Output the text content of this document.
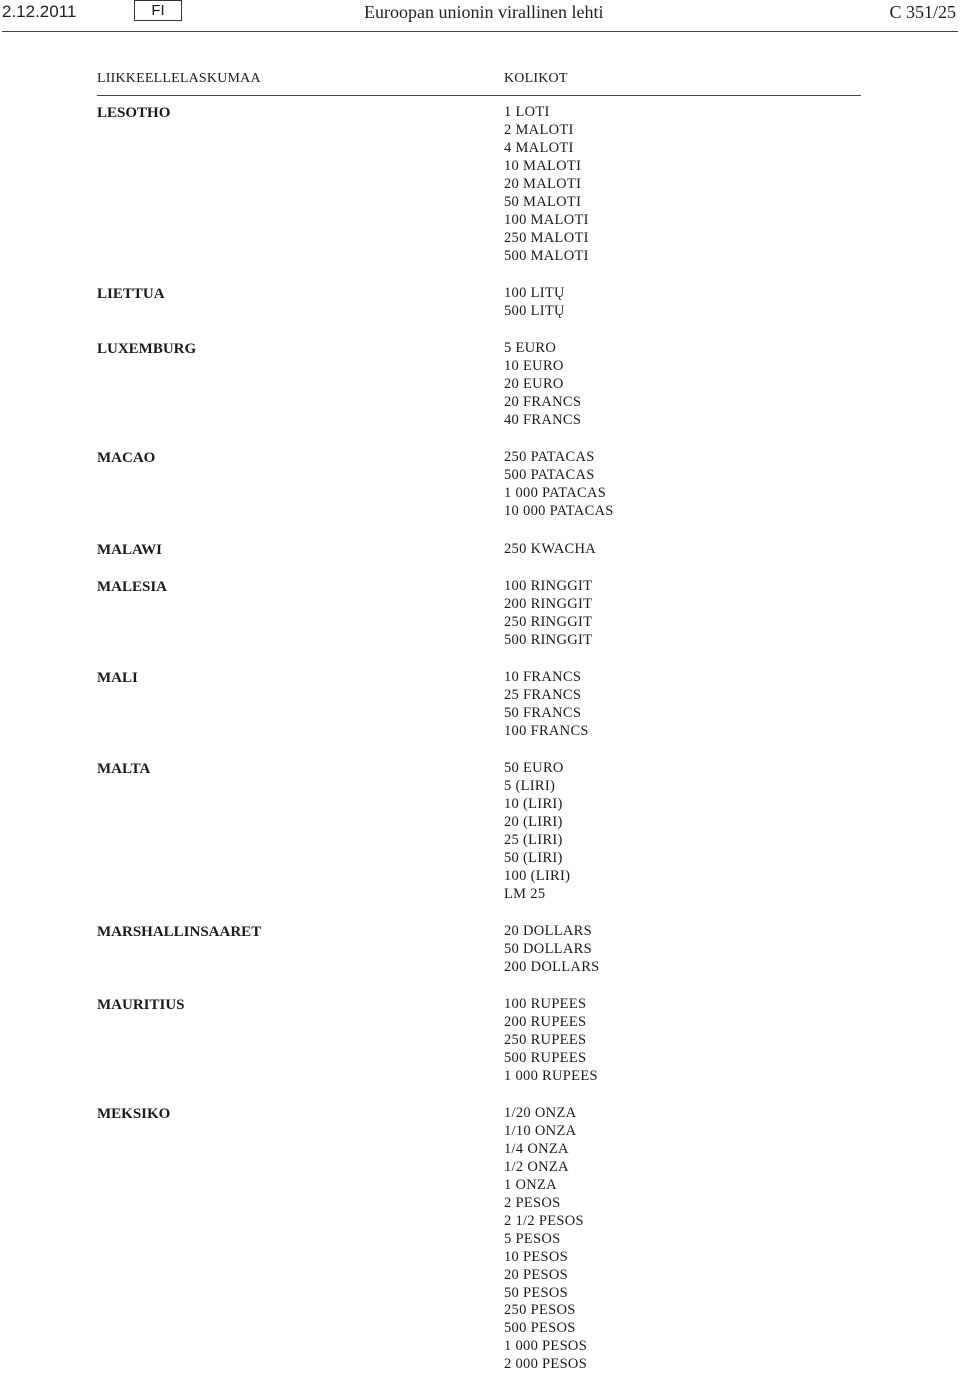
2.12.2011	FI	Euroopan unionin virallinen lehti	C 351/25
LIIKKEELLELASKUMAA	KOLIKOT
LESOTHO	1 LOTI
2 MALOTI
4 MALOTI
10 MALOTI
20 MALOTI
50 MALOTI
100 MALOTI
250 MALOTI
500 MALOTI
LIETTUA	100 LITŲ
500 LITŲ
LUXEMBURG	5 EURO
10 EURO
20 EURO
20 FRANCS
40 FRANCS
MACAO	250 PATACAS
500 PATACAS
1 000 PATACAS
10 000 PATACAS
MALAWI	250 KWACHA
MALESIA	100 RINGGIT
200 RINGGIT
250 RINGGIT
500 RINGGIT
MALI	10 FRANCS
25 FRANCS
50 FRANCS
100 FRANCS
MALTA	50 EURO
5 (LIRI)
10 (LIRI)
20 (LIRI)
25 (LIRI)
50 (LIRI)
100 (LIRI)
LM 25
MARSHALLINSAARET	20 DOLLARS
50 DOLLARS
200 DOLLARS
MAURITIUS	100 RUPEES
200 RUPEES
250 RUPEES
500 RUPEES
1 000 RUPEES
MEKSIKO	1/20 ONZA
1/10 ONZA
1/4 ONZA
1/2 ONZA
1 ONZA
2 PESOS
2 1/2 PESOS
5 PESOS
10 PESOS
20 PESOS
50 PESOS
250 PESOS
500 PESOS
1 000 PESOS
2 000 PESOS
